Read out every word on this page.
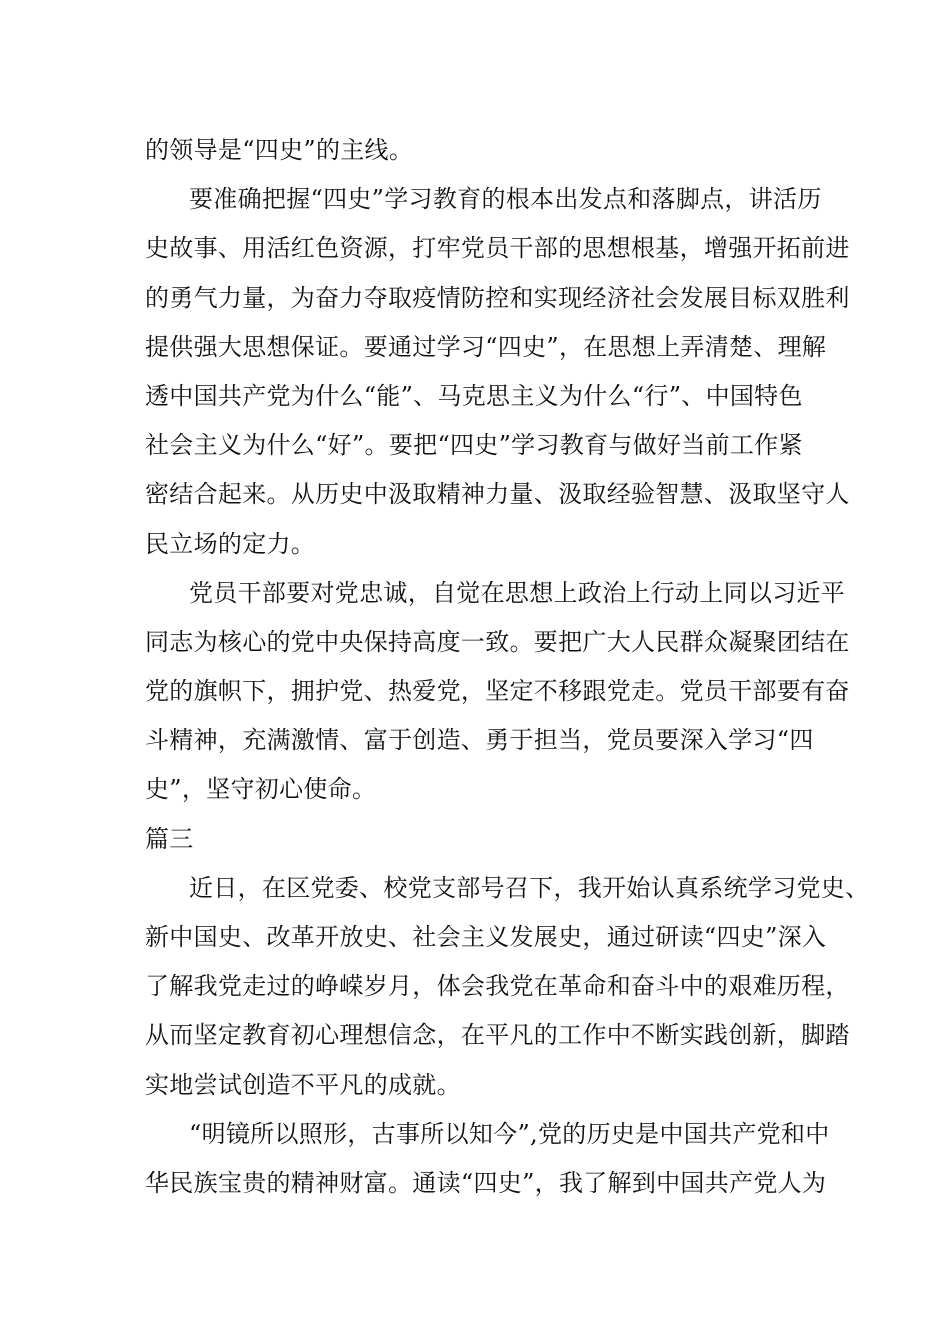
的领导是“四史”的主线。
要准确把握“四史”学习教育的根本出发点和落脚点，讲活历
史故事、用活红色资源，打牢党员干部的思想根基，增强开拓前进
的勇气力量，为奋力夺取疫情防控和实现经济社会发展目标双胜利
提供强大思想保证。要通过学习“四史”，在思想上弄清楚、理解
透中国共产党为什么“能”、马克思主义为什么“行”、中国特色
社会主义为什么“好”。要把“四史”学习教育与做好当前工作紧
密结合起来。从历史中汲取精神力量、汲取经验智慧、汲取坚守人
民立场的定力。
党员干部要对党忠诚，自觉在思想上政治上行动上同以习近平
同志为核心的党中央保持高度一致。要把广大人民群众凝聚团结在
党的旗帜下，拥护党、热爱党，坚定不移跟党走。党员干部要有奋
斗精神，充满激情、富于创造、勇于担当，党员要深入学习“四
史”，坚守初心使命。
篇三
近日，在区党委、校党支部号召下，我开始认真系统学习党史、
新中国史、改革开放史、社会主义发展史，通过研读“四史”深入
了解我党走过的峥嵘岁月，体会我党在革命和奋斗中的艰难历程，
从而坚定教育初心理想信念，在平凡的工作中不断实践创新，脚踏
实地尝试创造不平凡的成就。
“明镜所以照形，古事所以知今”,党的历史是中国共产党和中
华民族宝贵的精神财富。通读“四史”，我了解到中国共产党人为
